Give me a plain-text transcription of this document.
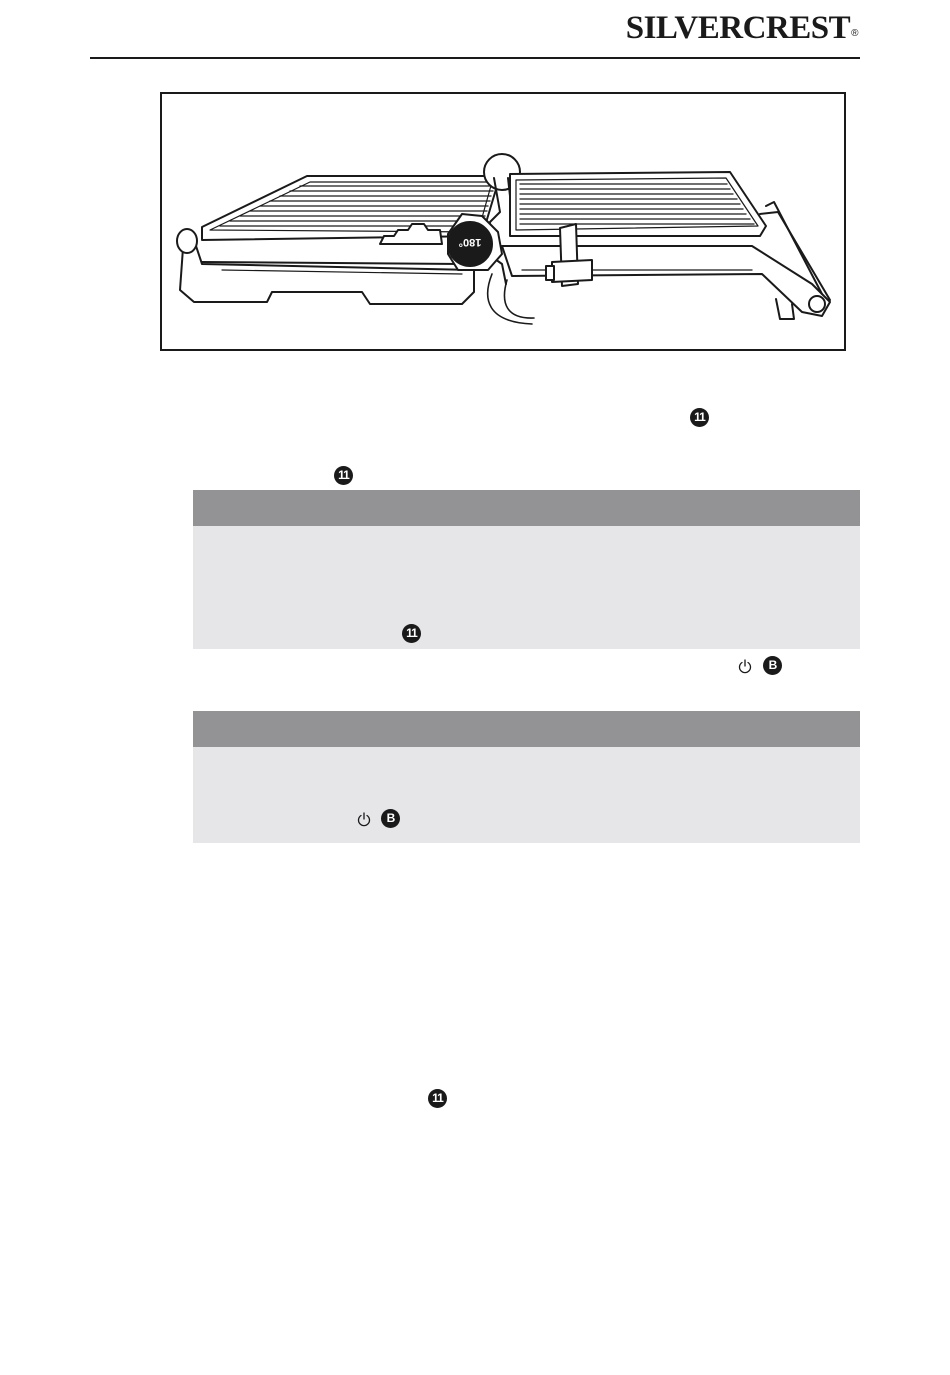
SILVERCREST®
180°
11
11
11
B
B
11
